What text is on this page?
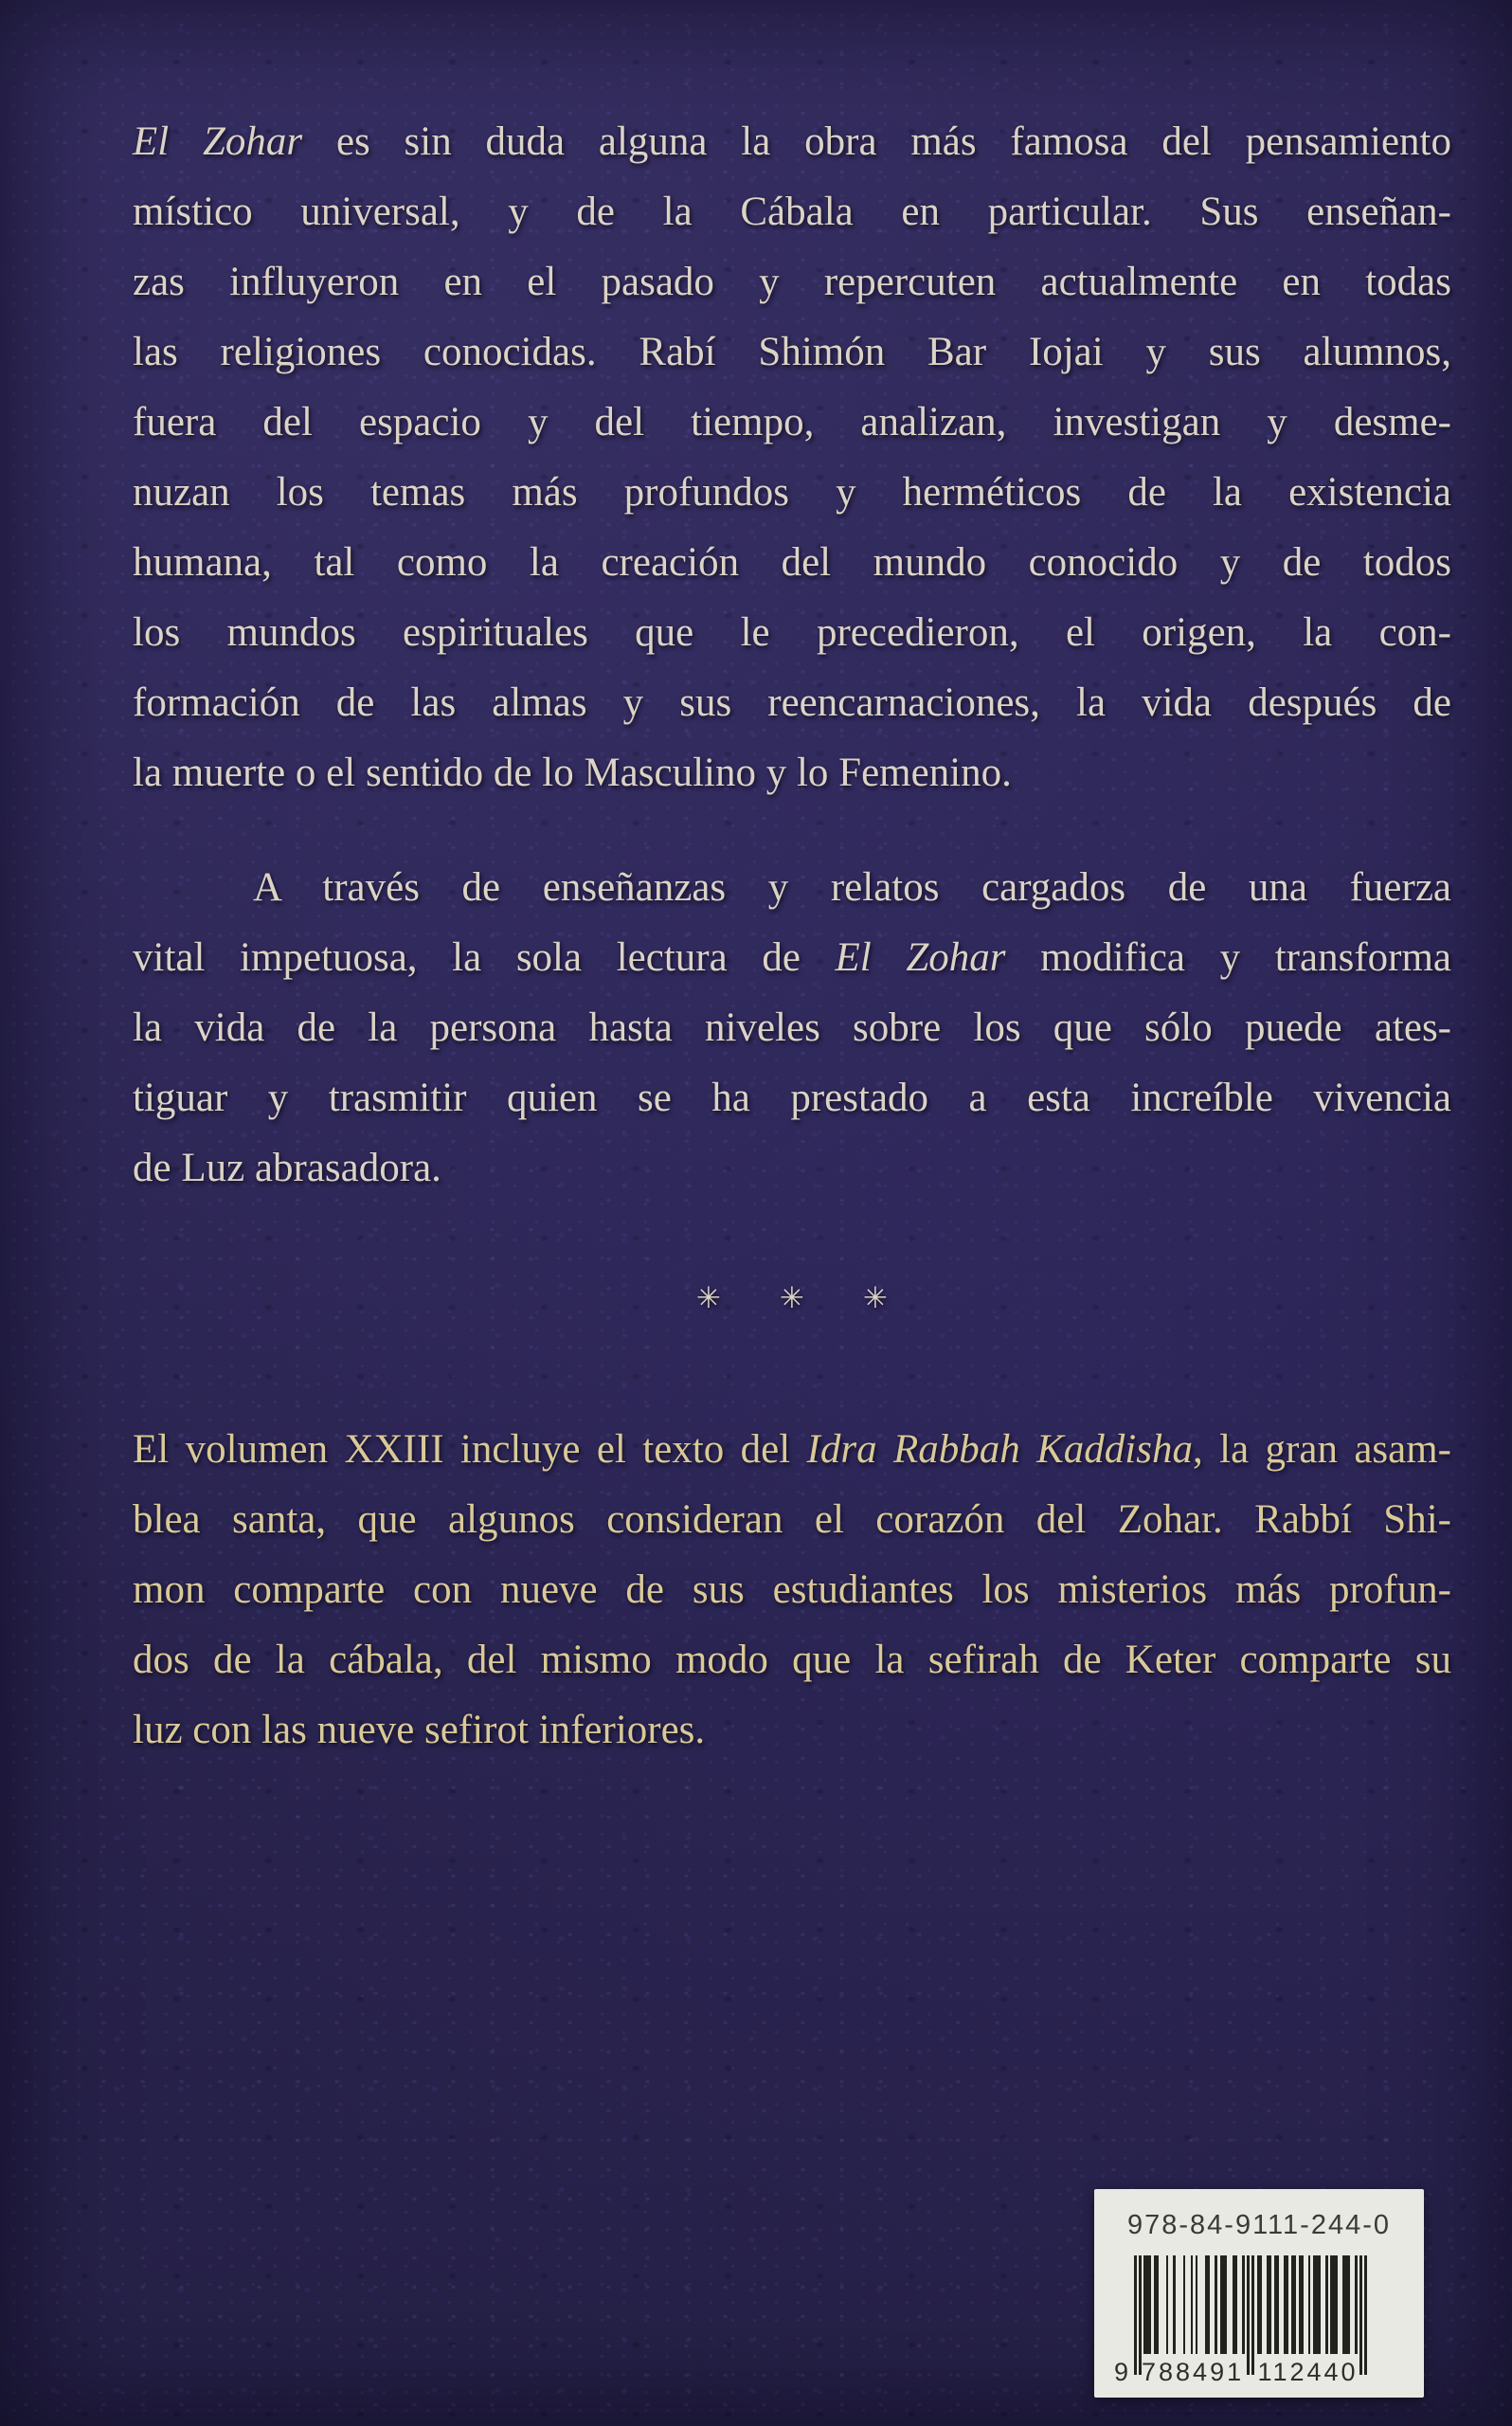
El Zohar es sin duda alguna la obra más famosa del pensamiento
místico universal, y de la Cábala en particular. Sus enseñan-
zas influyeron en el pasado y repercuten actualmente en todas
las religiones conocidas. Rabí Shimón Bar Iojai y sus alumnos,
fuera del espacio y del tiempo, analizan, investigan y desme-
nuzan los temas más profundos y herméticos de la existencia
humana, tal como la creación del mundo conocido y de todos
los mundos espirituales que le precedieron, el origen, la con-
formación de las almas y sus reencarnaciones, la vida después de
la muerte o el sentido de lo Masculino y lo Femenino.
A través de enseñanzas y relatos cargados de una fuerza
vital impetuosa, la sola lectura de El Zohar modifica y transforma
la vida de la persona hasta niveles sobre los que sólo puede ates-
tiguar y trasmitir quien se ha prestado a esta increíble vivencia
de Luz abrasadora.
✳ ✳ ✳
El volumen XXIII incluye el texto del Idra Rabbah Kaddisha, la gran asam-
blea santa, que algunos consideran el corazón del Zohar. Rabbí Shi-
mon comparte con nueve de sus estudiantes los misterios más profun-
dos de la cábala, del mismo modo que la sefirah de Keter comparte su
luz con las nueve sefirot inferiores.
978-84-9111-244-0
9 788491 112440
